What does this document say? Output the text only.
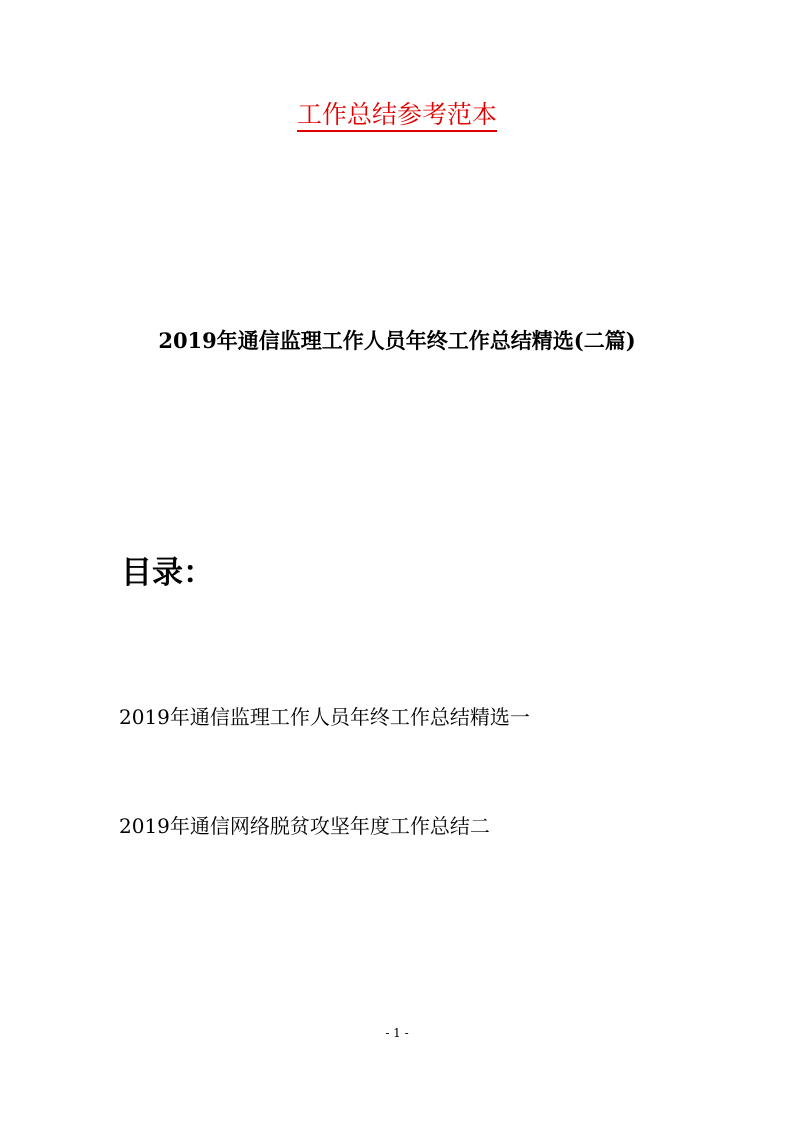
工作总结参考范本
2019年通信监理工作人员年终工作总结精选(二篇)
目录：
2019年通信监理工作人员年终工作总结精选一
2019年通信网络脱贫攻坚年度工作总结二
- 1 -
